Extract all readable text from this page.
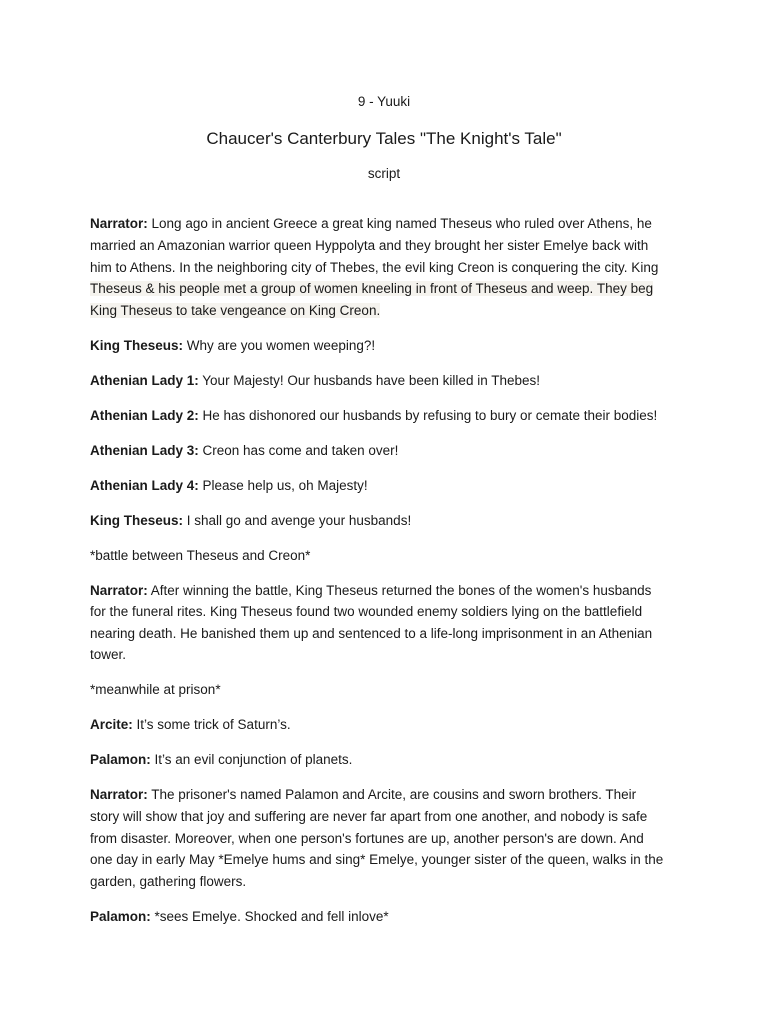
9 - Yuuki
Chaucer's Canterbury Tales "The Knight's Tale"
script
Narrator: Long ago in ancient Greece a great king named Theseus who ruled over Athens, he
married an Amazonian warrior queen Hyppolyta and they brought her sister Emelye back with
him to Athens. In the neighboring city of Thebes, the evil king Creon is conquering the city. King
Theseus & his people met a group of women kneeling in front of Theseus and weep. They beg
King Theseus to take vengeance on King Creon.
King Theseus: Why are you women weeping?!
Athenian Lady 1: Your Majesty! Our husbands have been killed in Thebes!
Athenian Lady 2: He has dishonored our husbands by refusing to bury or cemate their bodies!
Athenian Lady 3: Creon has come and taken over!
Athenian Lady 4: Please help us, oh Majesty!
King Theseus: I shall go and avenge your husbands!
*battle between Theseus and Creon*
Narrator: After winning the battle, King Theseus returned the bones of the women's husbands
for the funeral rites. King Theseus found two wounded enemy soldiers lying on the battlefield
nearing death. He banished them up and sentenced to a life-long imprisonment in an Athenian
tower.
*meanwhile at prison*
Arcite: It’s some trick of Saturn’s.
Palamon: It’s an evil conjunction of planets.
Narrator: The prisoner's named Palamon and Arcite, are cousins and sworn brothers. Their
story will show that joy and suffering are never far apart from one another, and nobody is safe
from disaster. Moreover, when one person's fortunes are up, another person's are down. And
one day in early May *Emelye hums and sing* Emelye, younger sister of the queen, walks in the
garden, gathering flowers.
Palamon: *sees Emelye. Shocked and fell inlove*
